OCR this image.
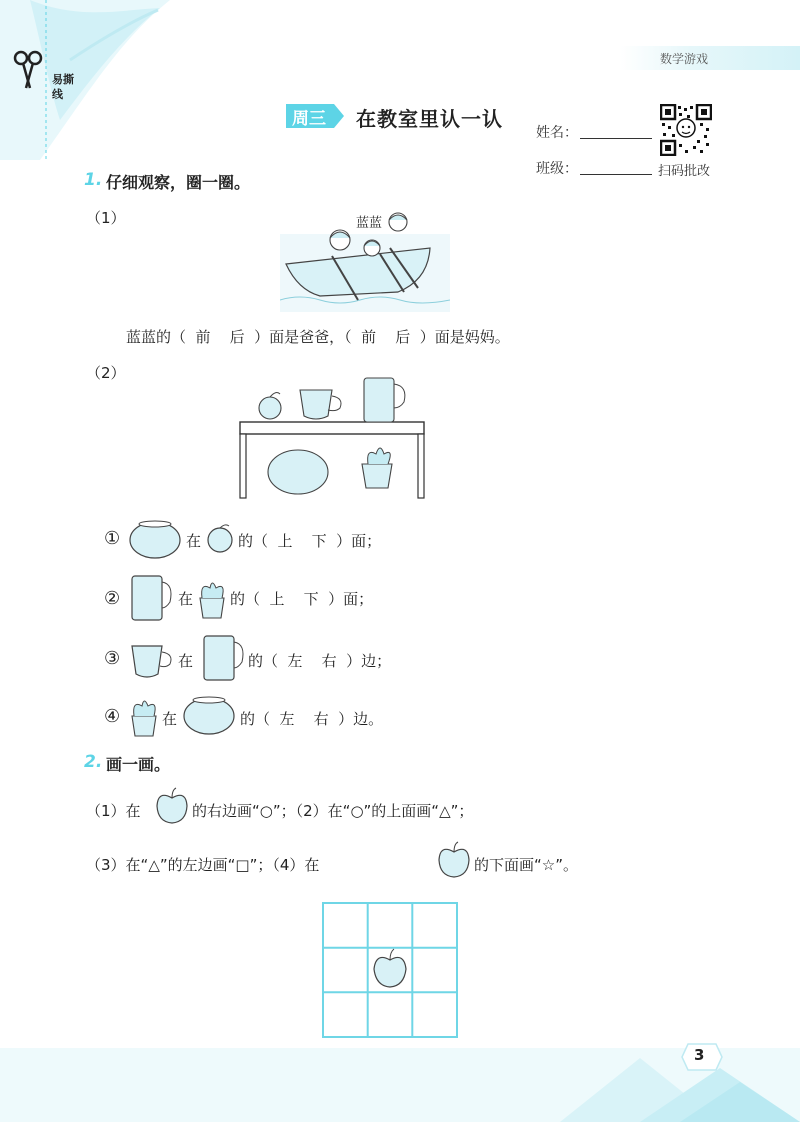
易撕线
数学游戏
周三 在教室里认一认
姓名：
班级：	扫码批改
1. 仔细观察，圈一圈。
（1）	蓝蓝
蓝蓝的（  前    后  ）面是爸爸，（  前    后  ）面是妈妈。
（2）
①	在 的（  上    下  ）面；
②	在 的（  上    下  ）面；
③	在	的（  左    右  ）边；
④	在	的（  左    右  ）边。
2. 画一画。
（1）在	的右边画“○”；（2）在“○”的上面画“△”；
（3）在“△”的左边画“□”；（4）在	的下面画“☆”。
3
